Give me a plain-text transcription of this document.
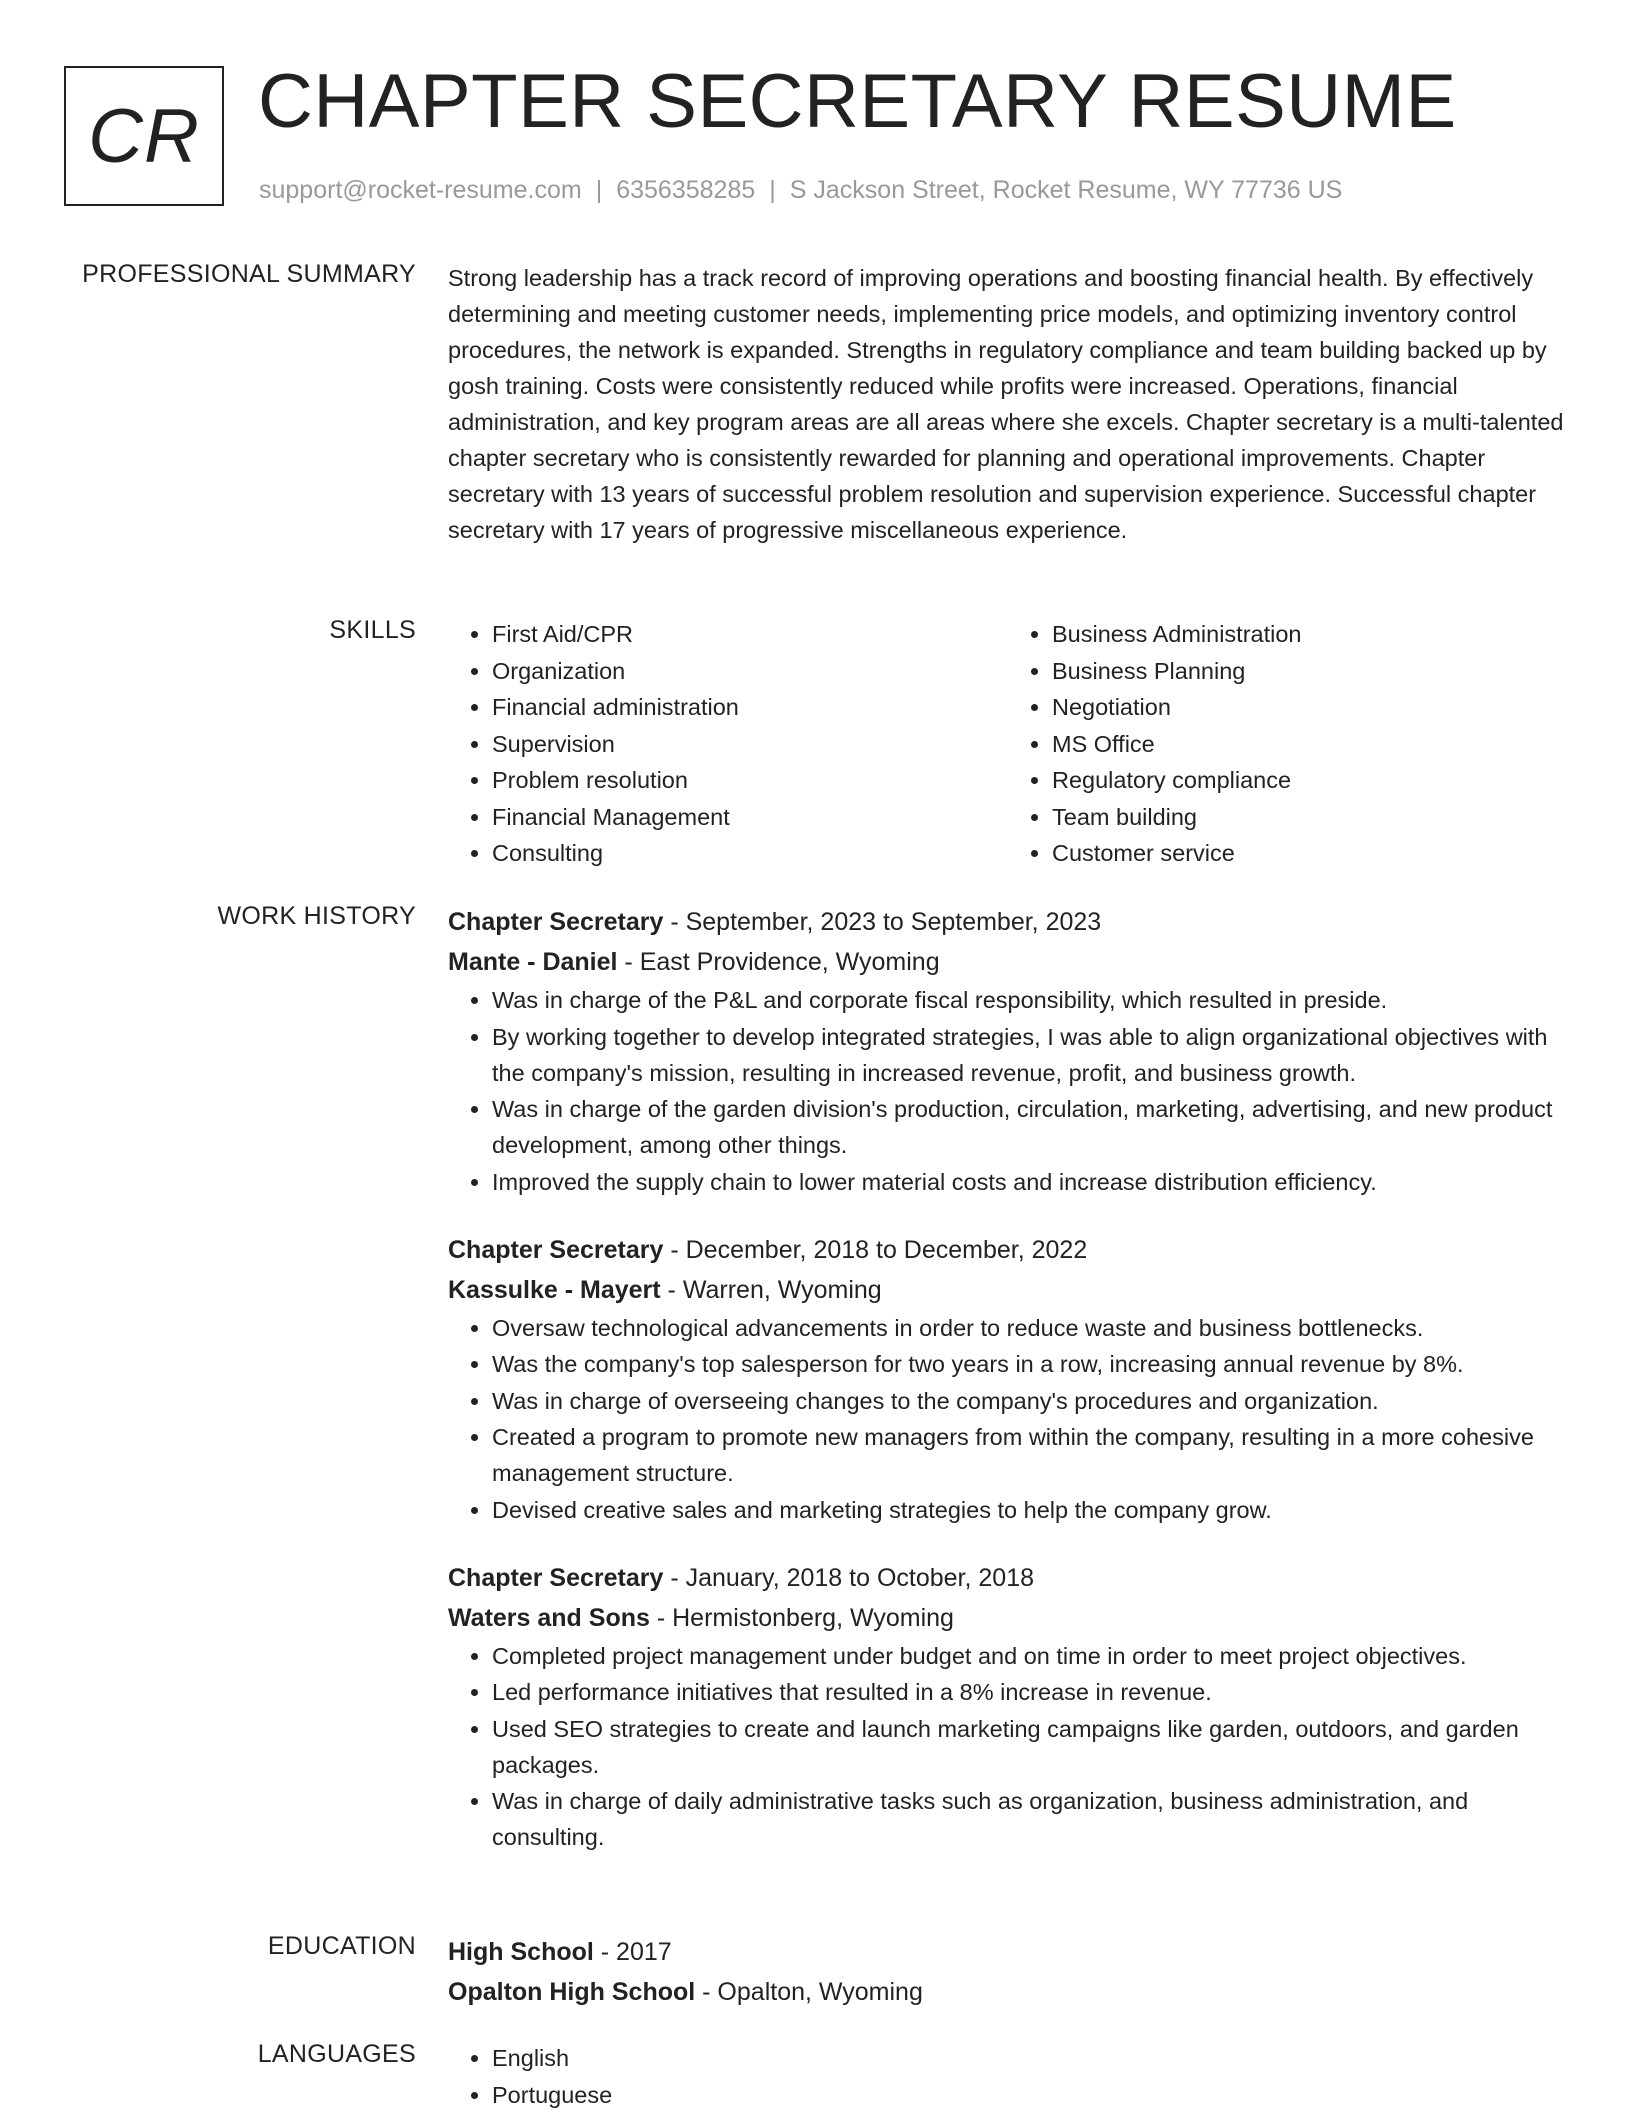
CR CHAPTER SECRETARY RESUME
support@rocket-resume.com | 6356358285 | S Jackson Street, Rocket Resume, WY 77736 US
PROFESSIONAL SUMMARY Strong leadership has a track record of improving operations and boosting financial health. By effectively determining and meeting customer needs, implementing price models, and optimizing inventory control procedures, the network is expanded. Strengths in regulatory compliance and team building backed up by gosh training. Costs were consistently reduced while profits were increased. Operations, financial administration, and key program areas are all areas where she excels. Chapter secretary is a multi-talented chapter secretary who is consistently rewarded for planning and operational improvements. Chapter secretary with 13 years of successful problem resolution and supervision experience. Successful chapter secretary with 17 years of progressive miscellaneous experience.

SKILLS	• First Aid/CPR
• Organization
• Financial administration
• Supervision
• Problem resolution
• Financial Management
• Consulting
• Business Administration
• Business Planning
• Negotiation
• MS Office
• Regulatory compliance
• Team building
• Customer service
WORK HISTORY Chapter Secretary - September, 2023 to September, 2023
Mante - Daniel - East Providence, Wyoming
• Was in charge of the P&L and corporate fiscal responsibility, which resulted in preside.
• By working together to develop integrated strategies, I was able to align organizational objectives with the company's mission, resulting in increased revenue, profit, and business growth.
• Was in charge of the garden division's production, circulation, marketing, advertising, and new product development, among other things.
• Improved the supply chain to lower material costs and increase distribution efficiency.
Chapter Secretary - December, 2018 to December, 2022
Kassulke - Mayert - Warren, Wyoming
• Oversaw technological advancements in order to reduce waste and business bottlenecks.
• Was the company's top salesperson for two years in a row, increasing annual revenue by 8%.
• Was in charge of overseeing changes to the company's procedures and organization.
• Created a program to promote new managers from within the company, resulting in a more cohesive management structure.
• Devised creative sales and marketing strategies to help the company grow.
Chapter Secretary - January, 2018 to October, 2018
Waters and Sons - Hermistonberg, Wyoming
• Completed project management under budget and on time in order to meet project objectives.
• Led performance initiatives that resulted in a 8% increase in revenue.
• Used SEO strategies to create and launch marketing campaigns like garden, outdoors, and garden packages.
• Was in charge of daily administrative tasks such as organization, business administration, and consulting.
EDUCATION High School - 2017
Opalton High School - Opalton, Wyoming
LANGUAGES	• English
• Portuguese
